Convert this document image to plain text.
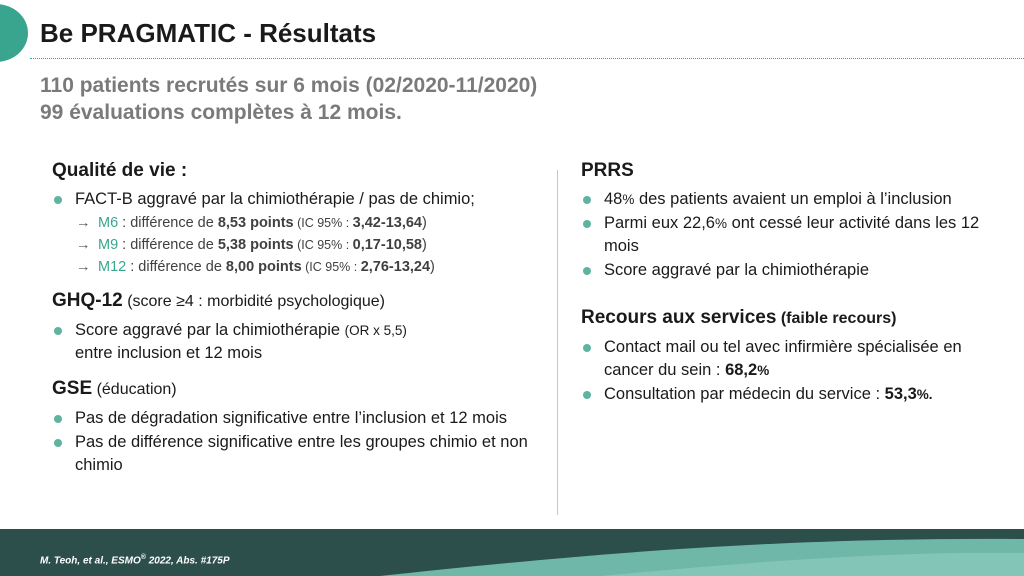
Be PRAGMATIC - Résultats
110 patients recrutés sur 6 mois (02/2020-11/2020)
99 évaluations complètes à 12 mois.
Qualité de vie :
FACT-B aggravé par la chimiothérapie / pas de chimio;
→ M6 : différence de 8,53 points (IC 95% : 3,42-13,64)
→ M9 : différence de 5,38 points (IC 95% : 0,17-10,58)
→ M12 : différence de 8,00 points (IC 95% : 2,76-13,24)
GHQ-12 (score ≥4 : morbidité psychologique)
Score aggravé par la chimiothérapie (OR x 5,5)
entre inclusion et 12 mois
GSE (éducation)
Pas de dégradation significative entre l’inclusion et 12 mois
Pas de différence significative entre les groupes chimio et non chimio
PRRS
48% des patients avaient un emploi à l’inclusion
Parmi eux 22,6% ont cessé leur activité dans les 12 mois
Score aggravé par la chimiothérapie
Recours aux services (faible recours)
Contact mail ou tel avec infirmière spécialisée en cancer du sein : 68,2%
Consultation par médecin du service : 53,3%.
M. Teoh, et al., ESMO® 2022, Abs. #175P
